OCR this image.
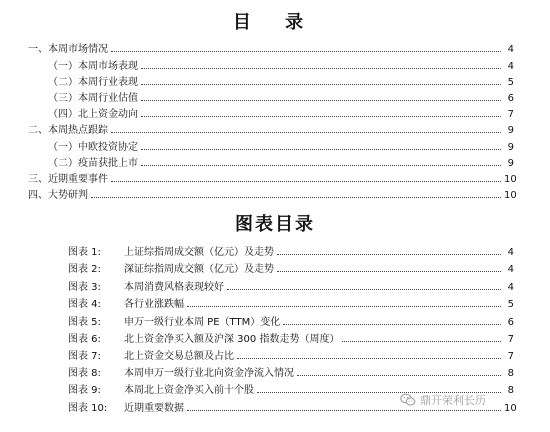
目 录
一、本周市场情况	4
（一）本周市场表现	4
（二）本周行业表现	5
（三）本周行业估值	6
（四）北上资金动向	7
二、本周热点跟踪	9
（一）中欧投资协定	9
（二）疫苗获批上市	9
三、近期重要事件	10
四、大势研判	10
图表目录
图表 1: 上证综指周成交额（亿元）及走势	4
图表 2: 深证综指周成交额（亿元）及走势	4
图表 3: 本周消费风格表现较好	4
图表 4: 各行业涨跌幅	5
图表 5: 申万一级行业本周 PE（TTM）变化	6
图表 6: 北上资金净买入额及沪深 300 指数走势（周度）	7
图表 7: 北上资金交易总额及占比	7
图表 8: 本周申万一级行业北向资金净流入情况	8
图表 9: 本周北上资金净买入前十个股	8
图表 10: 近期重要数据	10
鼎开荣利长历
